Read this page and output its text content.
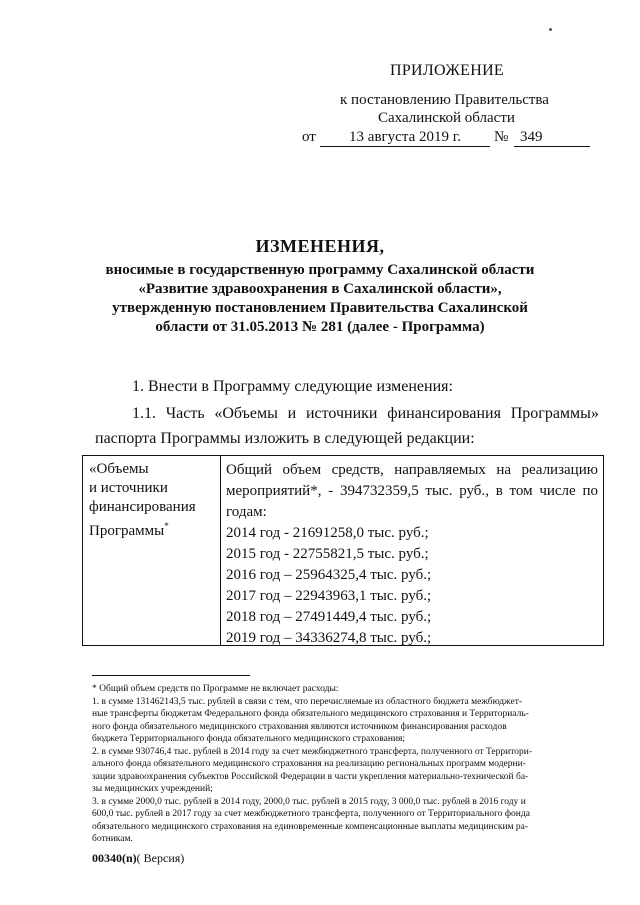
ПРИЛОЖЕНИЕ
к постановлению Правительства
Сахалинской области
от	13 августа 2019 г.	№ 349
ИЗМЕНЕНИЯ,
вносимые в государственную программу Сахалинской области
«Развитие здравоохранения в Сахалинской области»,
утвержденную постановлением Правительства Сахалинской
области от 31.05.2013 № 281 (далее - Программа)
1. Внести в Программу следующие изменения:
1.1. Часть «Объемы и источники финансирования Программы»
паспорта Программы изложить в следующей редакции:
«Объемы
и источники
финансирования
Программы*
Общий объем средств, направляемых на реализацию
мероприятий*, - 394732359,5 тыс. руб., в том числе по
годам:
2014 год - 21691258,0 тыс. руб.;
2015 год - 22755821,5 тыс. руб.;
2016 год – 25964325,4 тыс. руб.;
2017 год – 22943963,1 тыс. руб.;
2018 год – 27491449,4 тыс. руб.;
2019 год – 34336274,8 тыс. руб.;
* Общий объем средств по Программе не включает расходы:
1. в сумме 131462143,5 тыс. рублей в связи с тем, что перечисляемые из областного бюджета межбюджет-
ные трансферты бюджетам Федерального фонда обязательного медицинского страхования и Территориаль-
ного фонда обязательного медицинского страхования являются источником финансирования расходов
бюджета Территориального фонда обязательного медицинского страхования;
2. в сумме 930746,4 тыс. рублей в 2014 году за счет межбюджетного трансферта, полученного от Территори-
ального фонда обязательного медицинского страхования на реализацию региональных программ модерни-
зации здравоохранения субъектов Российской Федерации в части укрепления материально-технической ба-
зы медицинских учреждений;
3. в сумме 2000,0 тыс. рублей в 2014 году, 2000,0 тыс. рублей в 2015 году, 3 000,0 тыс. рублей в 2016 году и
600,0 тыс. рублей в 2017 году за счет межбюджетного трансферта, полученного от Территориального фонда
обязательного медицинского страхования на единовременные компенсационные выплаты медицинским ра-
ботникам.
00340(n)( Версия)
